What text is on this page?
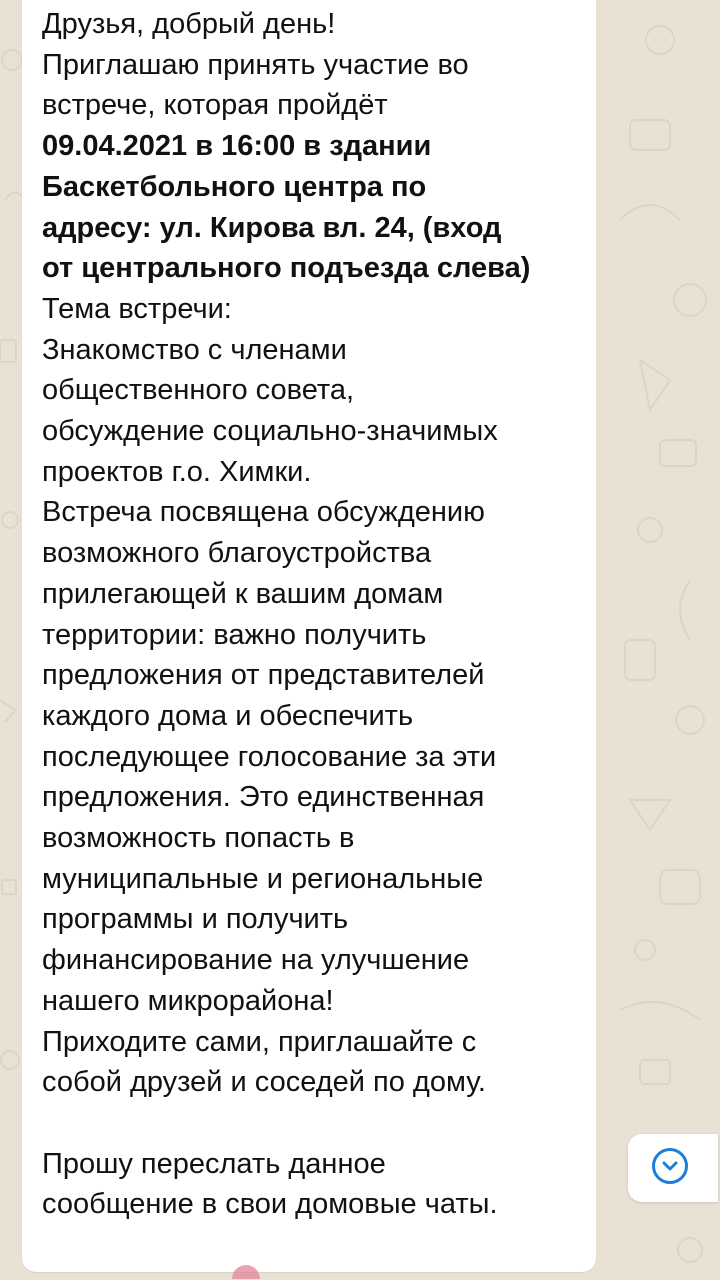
Друзья, добрый день!
Приглашаю принять участие во
встрече, которая пройдёт
09.04.2021 в 16:00 в здании
Баскетбольного центра по
адресу: ул. Кирова вл. 24, (вход
от центрального подъезда слева)
Тема встречи:
Знакомство с членами
общественного совета,
обсуждение социально-значимых
проектов г.о. Химки.
Встреча посвящена обсуждению
возможного благоустройства
прилегающей к вашим домам
территории: важно получить
предложения от представителей
каждого дома и обеспечить
последующее голосование за эти
предложения. Это единственная
возможность попасть в
муниципальные и региональные
программы и получить
финансирование на улучшение
нашего микрорайона!
Приходите сами, приглашайте с
собой друзей и соседей по дому.
Прошу переслать данное
сообщение в свои домовые чаты.
